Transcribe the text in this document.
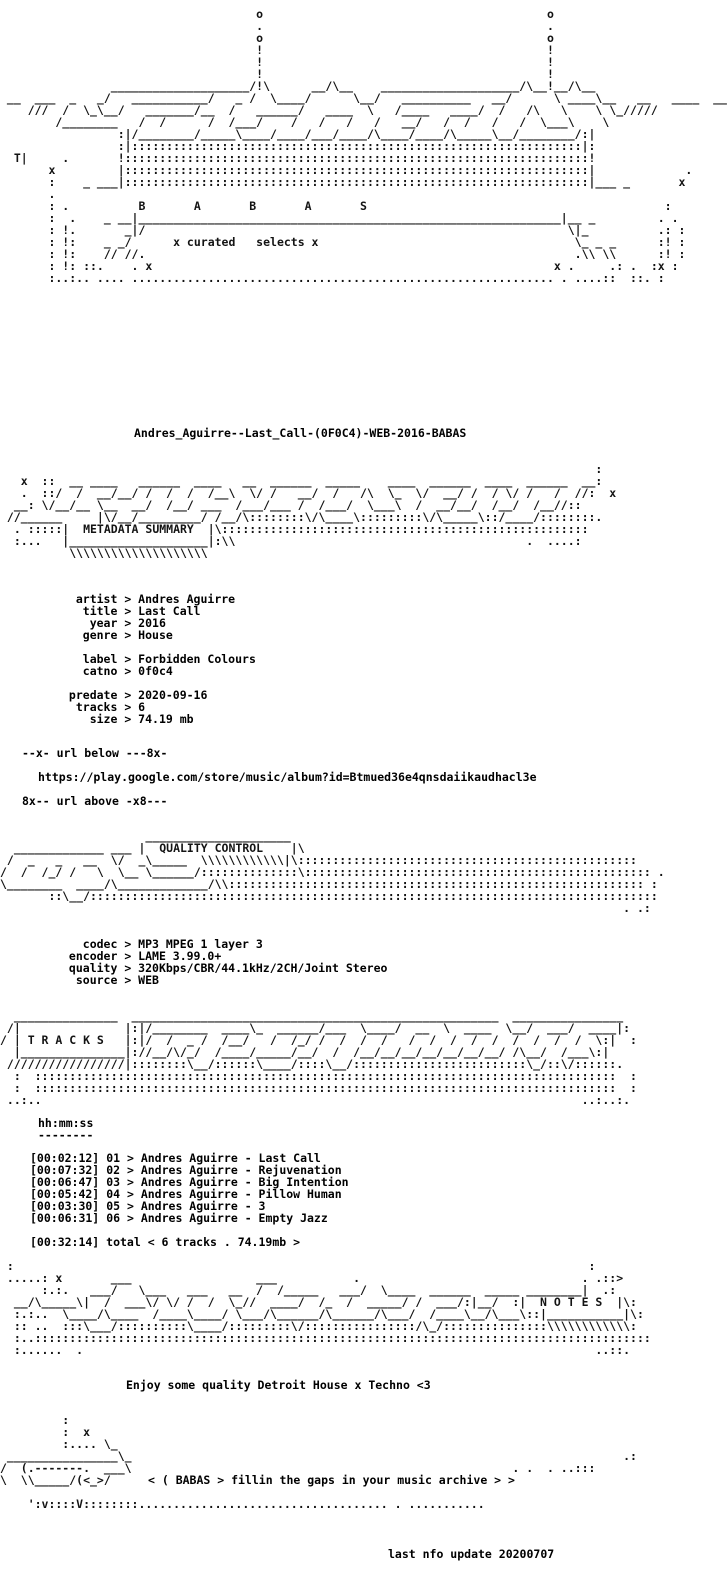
o                                         o
.                                         .
o                                         o
!                                         !
!                                         !
!                                         !
____________________/!\      __/\__    ____________________/\__!__/\__
__  ___  _   _/   ___________/   _ /  \____/      \__/   __________   __/      \ ____\__   __   ____  __
///  /  \_\__/   _______/__  /   ______/   ____  \   /____   ____/  /   /\   \    \ \_/////
/________   /  /      /  /___/    /   /   /   /   __/   /  /   /   /  \___\    \
:|/________/_____\____/____/___/____/\____/____/\_____\__/________/:|
:|:::::::::::::::::::::::::::::::::::::::::::::::::::::::::::::::::|:
T|     .       !:::::::::::::::::::::::::::::::::::::::::::::::::::::::::::::::::::!
x         |:::::::::::::::::::::::::::::::::::::::::::::::::::::::::::::::::::|             .
:    _ ___|:::::::::::::::::::::::::::::::::::::::::::::::::::::::::::::::::::|___ _       x
.
: .          B       A       B       A       S                                           :
:  .    _ __|_____________________________________________________________|__ _         . .
: !.       _|/                                                             \|_          .: :
: !:    _ _/      x curated   selects x                                     \_ _ _      :! :
: !:    // //.                                                              .\\ \\      :! :
: !: ::.    . x                                                          x .     .: .  :x :
:..:.. .... ............................................................. . ....::  ::. :
Andres_Aguirre--Last_Call-(0F0C4)-WEB-2016-BABAS
:
x  ::  __ ____   ______  ____   __  ______  _____    ____  ______  ____  ______  __:
.  ::/  /  __/__/ /  /  /  /__\  \/ /   __/  /   /\  \_  \/  __/ /  / \/ /   /  //:  x
__: \/__/__ \__  __/  /__/ ___  /___/___ /  /___/  \___\  /  __/__/  /__/  /__//::
//______     |\/__/_________/ /__/\::::::::\/\____\:::::::::\/\_____\::/____/::::::::.
. :::::|  METADATA SUMMARY  |\:::::::::::::::::::::::::::::::::::::::::::::::::::::
:...   |____________________|:\\                                          .  ....:
\\\\\\\\\\\\\\\\\\\\
artist > Andres Aguirre
title > Last Call
year > 2016
genre > House

label > Forbidden Colours
catno > 0f0c4

predate > 2020-09-16
tracks > 6
size > 74.19 mb
--x- url below ---8x-
https://play.google.com/store/music/album?id=Btmued36e4qnsdaiikaudhacl3e
8x-- url above -x8---
_____________________
_____________ ___ |  QUALITY CONTROL    |\
/  _   _   __  \/  _\_____  \\\\\\\\\\\\|\:::::::::::::::::::::::::::::::::::::::::::::::::
/  /  /_/ /   \  \__ \______/::::::::::::::\:::::::::::::::::::::::::::::::::::::::::::::::::: .
\________  ____/\_____________/\\:::::::::::::::::::::::::::::::::::::::::::::::::::::::::::: :
::\__/::::::::::::::::::::::::::::::::::::::::::::::::::::::::::::::::::::::::::::::::::
. .:
codec > MP3 MPEG 1 layer 3
encoder > LAME 3.99.0+
quality > 320Kbps/CBR/44.1kHz/2CH/Joint Stereo
source > WEB
_______________  _____________________________________________________  ________________
/|               |:|/________  ____\_  ______/___  \____/  __  \  ____  \__/  ___/  ____|:
/ | T R A C K S   |:|/  /  _ /  /__/   /  /_/ /  /  /  /   /  /  /  /  /  /  /  /  /  \:|  :
|_______________|://__/\/_/  /____/_____/__/  /  /__/__/__/__/__/__/__/ /\__/  /___\:|
/////////////////|::::::::\__/::::::\____/::::\__/:::::::::::::::::::::::::\_/::\/::::::.
:  ::::::::::::::::::::::::::::::::::::::::::::::::::::::::::::::::::::::::::::::::::::  :
:  ::::::::::::::::::::::::::::::::::::::::::::::::::::::::::::::::::::::::::::::::::::  :
..:..                                                                              ..:..:.
hh:mm:ss
--------
[00:02:12] 01 > Andres Aguirre - Last Call
[00:07:32] 02 > Andres Aguirre - Rejuvenation
[00:06:47] 03 > Andres Aguirre - Big Intention
[00:05:42] 04 > Andres Aguirre - Pillow Human
[00:03:30] 05 > Andres Aguirre - 3
[00:06:31] 06 > Andres Aguirre - Empty Jazz
[00:32:14] total < 6 tracks . 74.19mb >
:                                                                                   :
.....: x       ___                  ___           .                                . .::>
:.:.   ___/   \___   ___   __  /  /_____   ___/  \____  ______  _____ ________|  .:
__/\_____\|  /  ___\/ \/ /  /  \_//  ____/  /_  /  _____/ /  ___/:|__/  :|  N O T E S  |\:
:.:..  \____/\____  /____\____/ \___/\______/\______/\___/  /____\__/\___\::|___________|\:
:: ..  :::\___/::::::::::\____/:::::::::\/::::::::::::::::/\_/:::::::::::::::\\\\\\\\\\\\:
:..:::::::::::::::::::::::::::::::::::::::::::::::::::::::::::::::::::::::::::::::::::::::::
:......  .                                                                          ..::.
Enjoy some quality Detroit House x Techno <3
:
:  x
:.... \_
________________\_                                                                       .:
/  (.-------.  ___\                                                       . .  . ..:::
\  \\_____/(<_>/	< ( BABAS > fillin the gaps in your music archive > >
':v::::V::::::::.................................... . ...........
last nfo update 20200707
